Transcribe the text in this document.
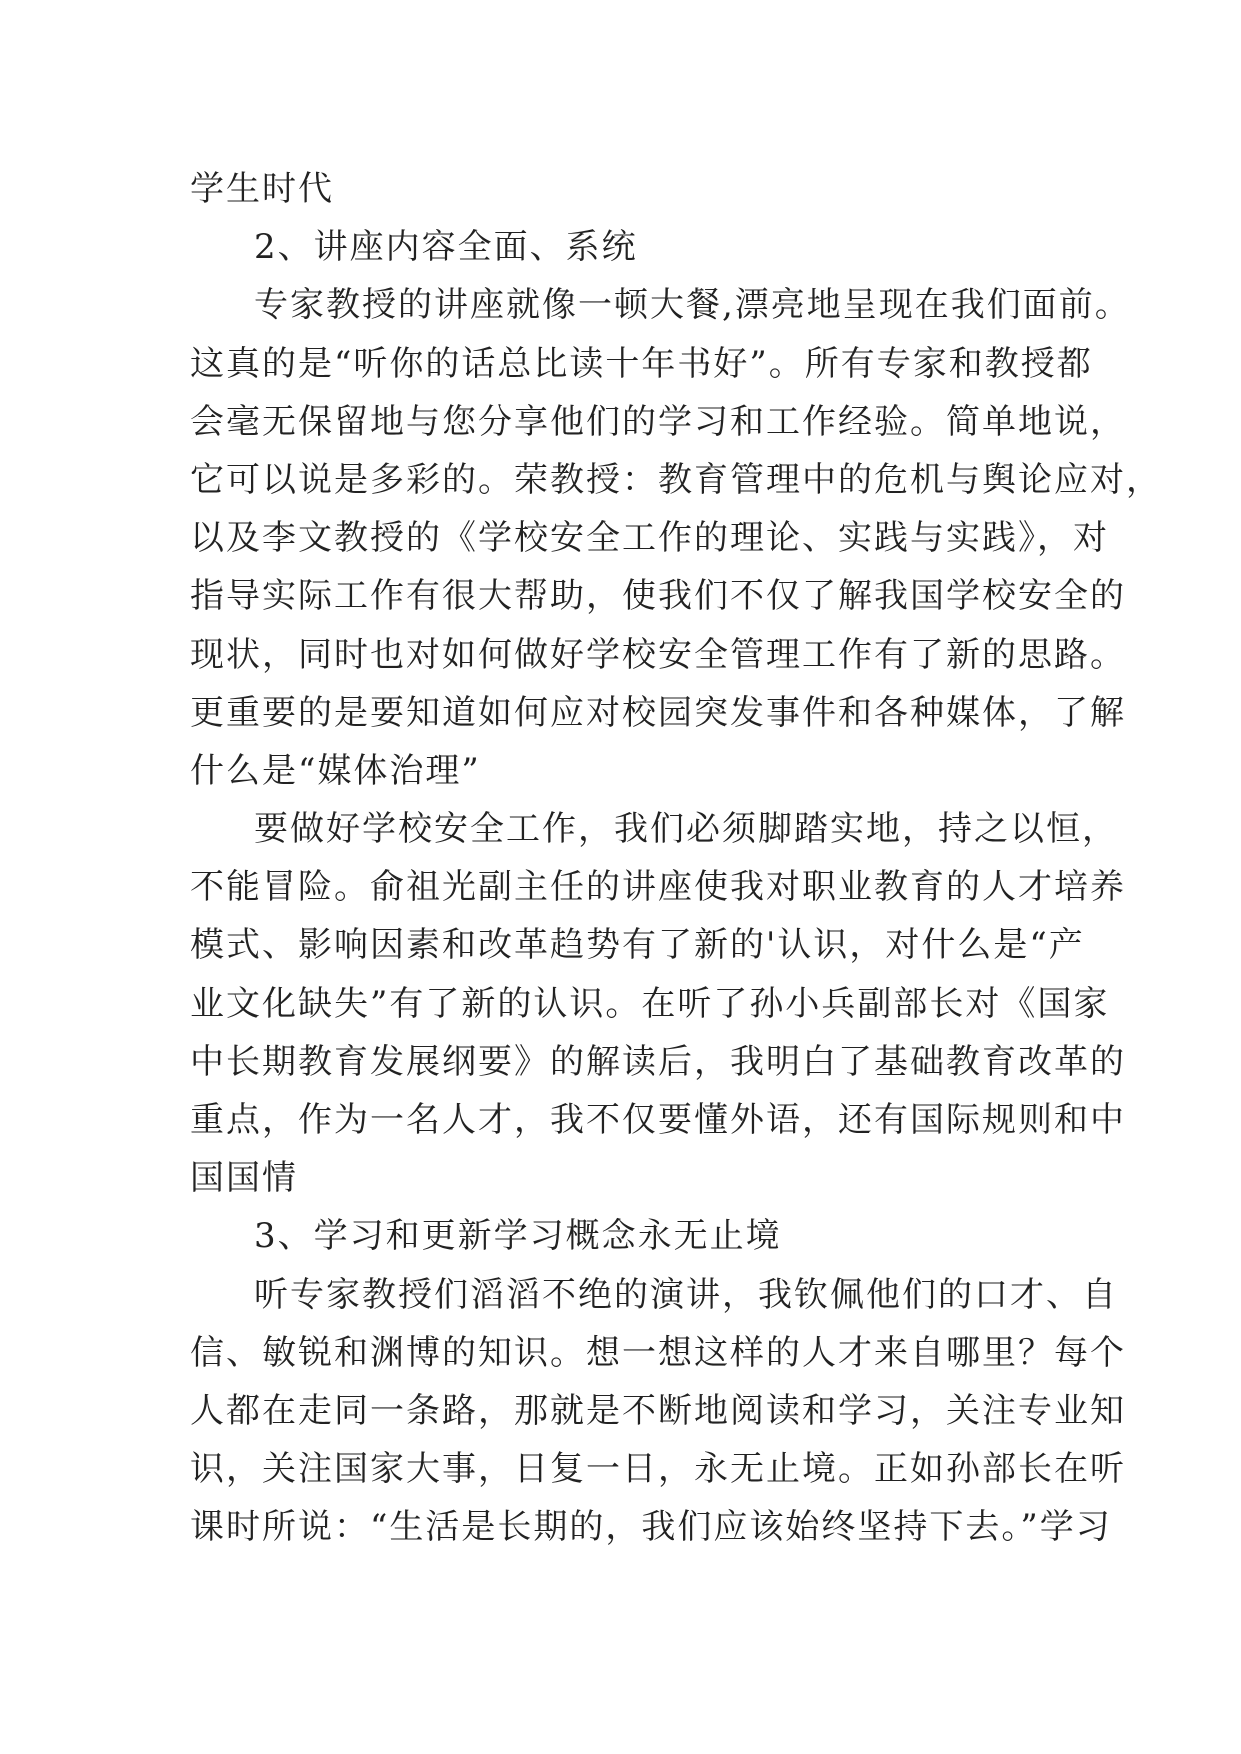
学生时代
2、讲座内容全面、系统
专家教授的讲座就像一顿大餐,漂亮地呈现在我们面前。
这真的是“听你的话总比读十年书好”。所有专家和教授都
会毫无保留地与您分享他们的学习和工作经验。简单地说，
它可以说是多彩的。荣教授：教育管理中的危机与舆论应对，
以及李文教授的《学校安全工作的理论、实践与实践》，对
指导实际工作有很大帮助，使我们不仅了解我国学校安全的
现状，同时也对如何做好学校安全管理工作有了新的思路。
更重要的是要知道如何应对校园突发事件和各种媒体，了解
什么是“媒体治理”
要做好学校安全工作，我们必须脚踏实地，持之以恒，
不能冒险。俞祖光副主任的讲座使我对职业教育的人才培养
模式、影响因素和改革趋势有了新的'认识，对什么是“产
业文化缺失”有了新的认识。在听了孙小兵副部长对《国家
中长期教育发展纲要》的解读后，我明白了基础教育改革的
重点，作为一名人才，我不仅要懂外语，还有国际规则和中
国国情
3、学习和更新学习概念永无止境
听专家教授们滔滔不绝的演讲，我钦佩他们的口才、自
信、敏锐和渊博的知识。想一想这样的人才来自哪里？每个
人都在走同一条路，那就是不断地阅读和学习，关注专业知
识，关注国家大事，日复一日，永无止境。正如孙部长在听
课时所说：“生活是长期的，我们应该始终坚持下去。”学习
